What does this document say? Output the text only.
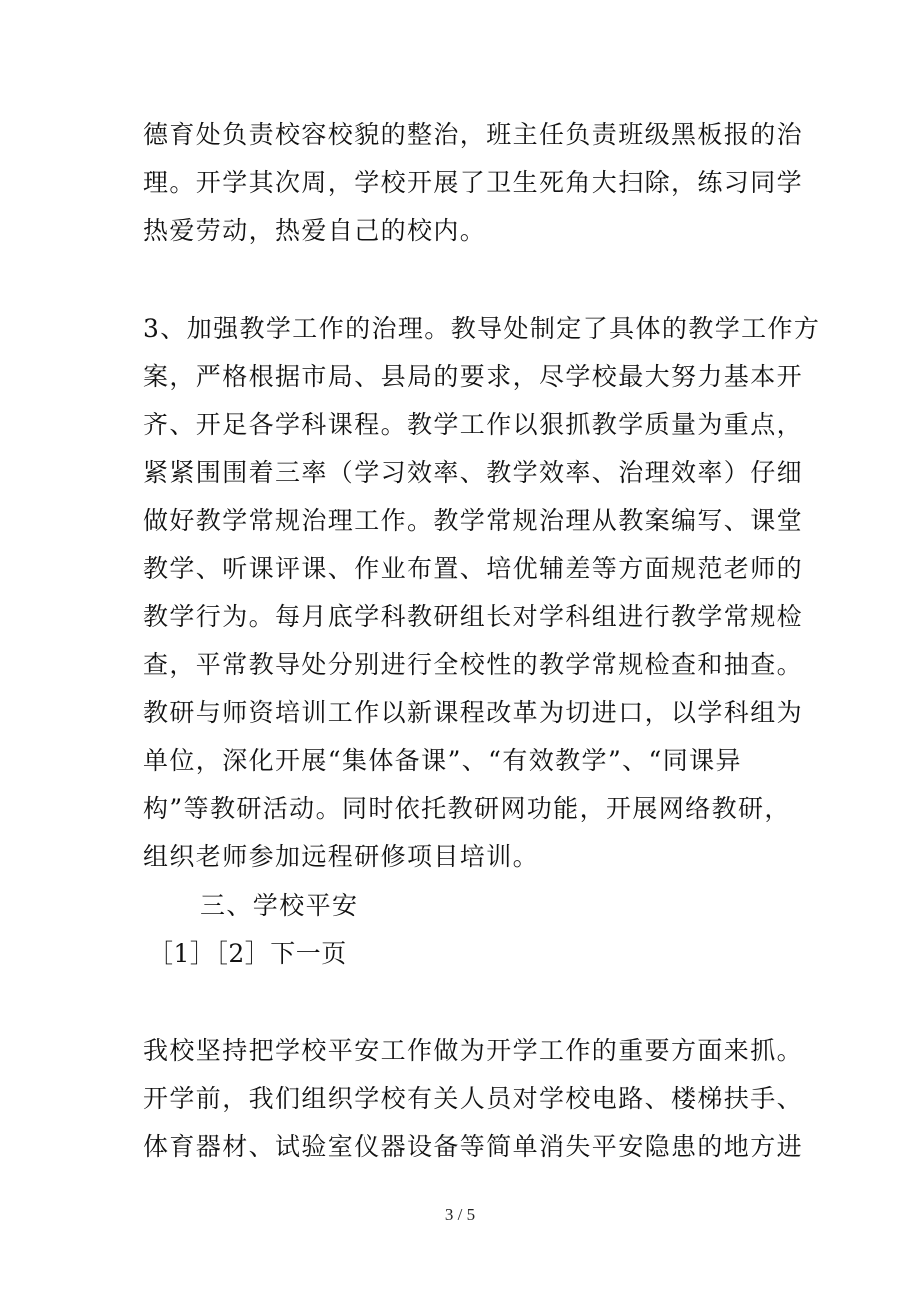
德育处负责校容校貌的整治，班主任负责班级黑板报的治
理。开学其次周，学校开展了卫生死角大扫除，练习同学
热爱劳动，热爱自己的校内。
3、加强教学工作的治理。教导处制定了具体的教学工作方
案，严格根据市局、县局的要求，尽学校最大努力基本开
齐、开足各学科课程。教学工作以狠抓教学质量为重点，
紧紧围围着三率（学习效率、教学效率、治理效率）仔细
做好教学常规治理工作。教学常规治理从教案编写、课堂
教学、听课评课、作业布置、培优辅差等方面规范老师的
教学行为。每月底学科教研组长对学科组进行教学常规检
查，平常教导处分别进行全校性的教学常规检查和抽查。
教研与师资培训工作以新课程改革为切进口，以学科组为
单位，深化开展“集体备课”、“有效教学”、“同课异
构”等教研活动。同时依托教研网功能，开展网络教研，
组织老师参加远程研修项目培训。
三、学校平安
［1］［2］下一页
我校坚持把学校平安工作做为开学工作的重要方面来抓。
开学前，我们组织学校有关人员对学校电路、楼梯扶手、
体育器材、试验室仪器设备等简单消失平安隐患的地方进
3 / 5
